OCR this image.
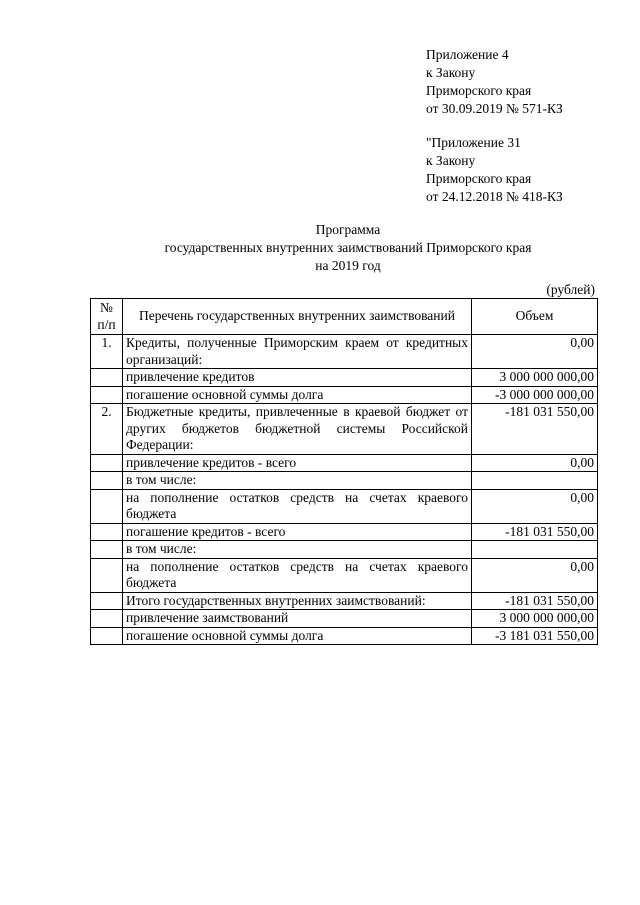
Приложение 4
к Закону
Приморского края
от 30.09.2019 № 571-КЗ
"Приложение 31
к Закону
Приморского края
от 24.12.2018 № 418-КЗ
Программа
государственных внутренних заимствований Приморского края
на 2019 год
(рублей)
№ п/п	Перечень государственных внутренних заимствований	Объем
1.	Кредиты, полученные Приморским краем от кредитных организаций:	0,00
	привлечение кредитов	3 000 000 000,00
	погашение основной суммы долга	-3 000 000 000,00
2.	Бюджетные кредиты, привлеченные в краевой бюджет от других бюджетов бюджетной системы Российской Федерации:	-181 031 550,00
	привлечение кредитов - всего	0,00
	в том числе:	
	на пополнение остатков средств на счетах краевого бюджета	0,00
	погашение кредитов - всего	-181 031 550,00
	в том числе:	
	на пополнение остатков средств на счетах краевого бюджета	0,00
	Итого государственных внутренних заимствований:	-181 031 550,00
	привлечение заимствований	3 000 000 000,00
	погашение основной суммы долга	-3 181 031 550,00
